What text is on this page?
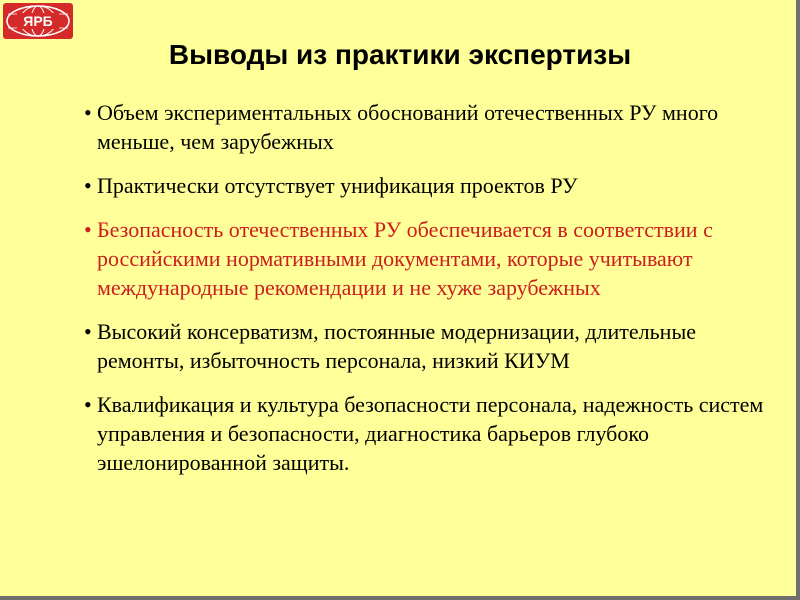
ЯРБ
Выводы из практики экспертизы
• Объем экспериментальных обоснований отечественных РУ много меньше, чем зарубежных
• Практически отсутствует унификация проектов РУ
• Безопасность отечественных РУ обеспечивается в соответствии с российскими нормативными документами, которые учитывают международные рекомендации и не хуже зарубежных
• Высокий консерватизм, постоянные модернизации, длительные ремонты, избыточность персонала, низкий КИУМ
• Квалификация и культура безопасности персонала, надежность систем управления и безопасности, диагностика барьеров глубоко эшелонированной защиты.
